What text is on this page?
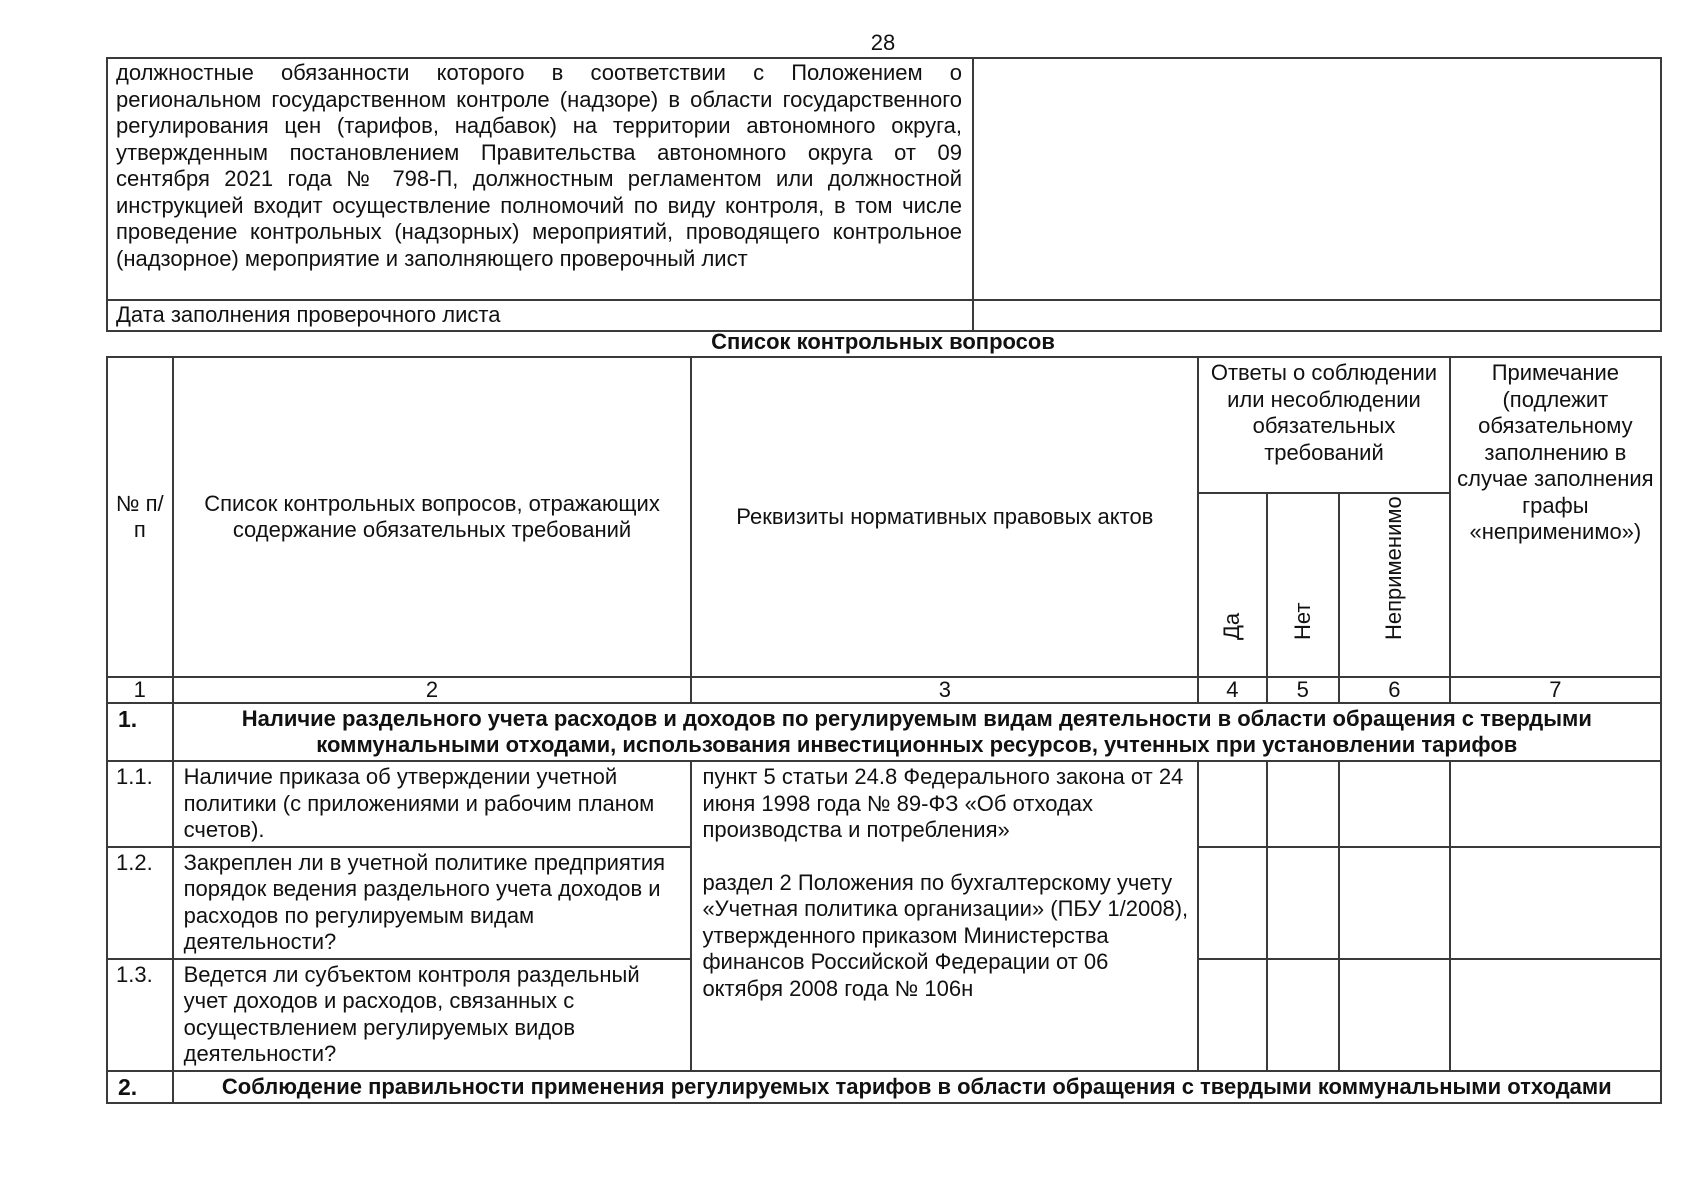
28
должностные обязанности которого в соответствии с Положением о региональном государственном контроле (надзоре) в области государственного регулирования цен (тарифов, надбавок) на территории автономного округа, утвержденным постановлением Правительства автономного округа от 09 сентября 2021 года № 798-П, должностным регламентом или должностной инструкцией входит осуществление полномочий по виду контроля, в том числе проведение контрольных (надзорных) мероприятий, проводящего контрольное (надзорное) мероприятие и заполняющего проверочный лист	
Дата заполнения проверочного листа	
Список контрольных вопросов
№ п/п	Список контрольных вопросов, отражающих содержание обязательных требований	Реквизиты нормативных правовых актов	Ответы о соблюдении или несоблюдении обязательных требований			Примечание (подлежит обязательному заполнению в случае заполнения графы «неприменимо»)

			Да	Нет	Неприменимо	

1	2	3	4	5	6	7
1.	Наличие раздельного учета расходов и доходов по регулируемым видам деятельности в области обращения с твердыми коммунальными отходами, использования инвестиционных ресурсов, учтенных при установлении тарифов					
1.1.	Наличие приказа об утверждении учетной политики (с приложениями и рабочим планом счетов).	пункт 5 статьи 24.8 Федерального закона от 24 июня 1998 года № 89-ФЗ «Об отходах производства и потребления»
раздел 2 Положения по бухгалтерскому учету «Учетная политика организации» (ПБУ 1/2008), утвержденного приказом Министерства финансов Российской Федерации от 06 октября 2008 года № 106н				

1.2.	Закреплен ли в учетной политике предприятия порядок ведения раздельного учета доходов и расходов по регулируемым видам деятельности?					
1.3.	Ведется ли субъектом контроля раздельный учет доходов и расходов, связанных с осуществлением регулируемых видов деятельности?					
2.	Соблюдение правильности применения регулируемых тарифов в области обращения с твердыми коммунальными отходами					
